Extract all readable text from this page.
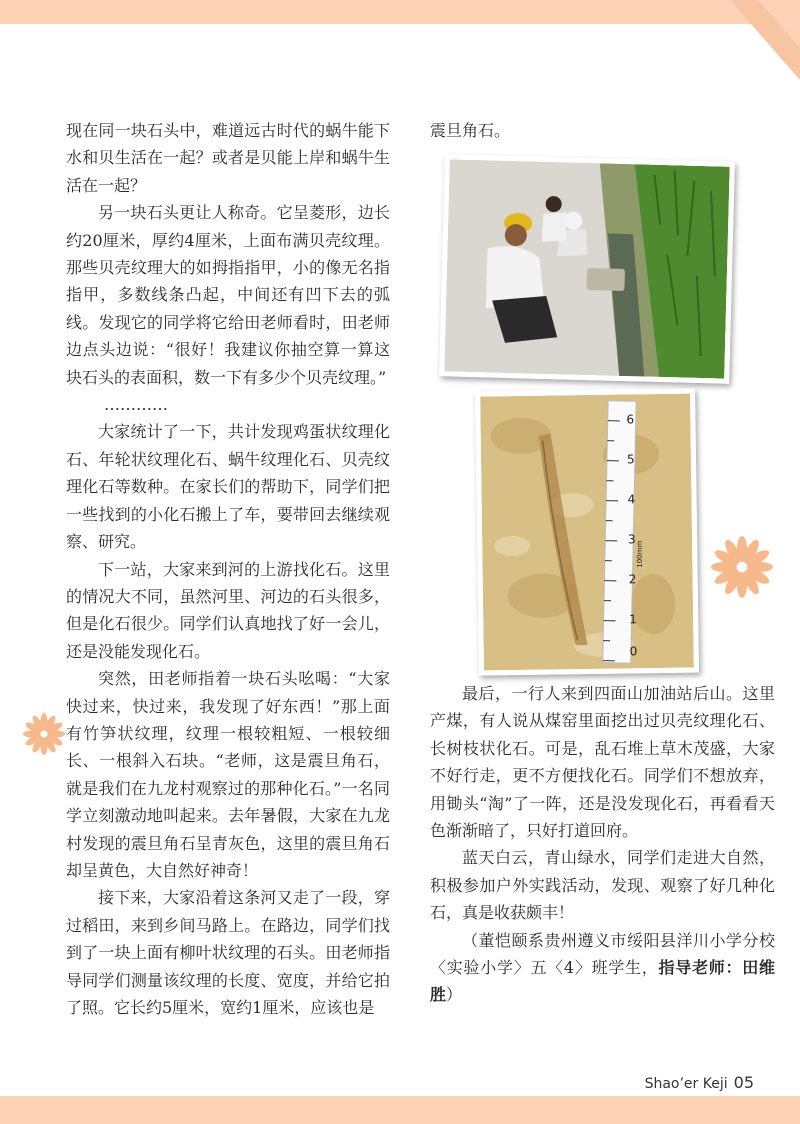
现在同一块石头中，难道远古时代的蜗牛能下水和贝生活在一起？或者是贝能上岸和蜗牛生活在一起？

另一块石头更让人称奇。它呈菱形，边长约20厘米，厚约4厘米，上面布满贝壳纹理。那些贝壳纹理大的如拇指指甲，小的像无名指指甲，多数线条凸起，中间还有凹下去的弧线。发现它的同学将它给田老师看时，田老师边点头边说：“很好！我建议你抽空算一算这块石头的表面积，数一下有多少个贝壳纹理。”

…………

大家统计了一下，共计发现鸡蛋状纹理化石、年轮状纹理化石、蜗牛纹理化石、贝壳纹理化石等数种。在家长们的帮助下，同学们把一些找到的小化石搬上了车，要带回去继续观察、研究。

下一站，大家来到河的上游找化石。这里的情况大不同，虽然河里、河边的石头很多，但是化石很少。同学们认真地找了好一会儿，还是没能发现化石。

突然，田老师指着一块石头吆喝：“大家快过来，快过来，我发现了好东西！”那上面有竹笋状纹理，纹理一根较粗短、一根较细长、一根斜入石块。“老师，这是震旦角石，就是我们在九龙村观察过的那种化石。”一名同学立刻激动地叫起来。去年暑假，大家在九龙村发现的震旦角石呈青灰色，这里的震旦角石却呈黄色，大自然好神奇！

接下来，大家沿着这条河又走了一段，穿过稻田，来到乡间马路上。在路边，同学们找到了一块上面有柳叶状纹理的石头。田老师指导同学们测量该纹理的长度、宽度，并给它拍了照。它长约5厘米，宽约1厘米，应该也是

震旦角石。

6
5
4
3
2
1
0
100mm

最后，一行人来到四面山加油站后山。这里产煤，有人说从煤窑里面挖出过贝壳纹理化石、长树枝状化石。可是，乱石堆上草木茂盛，大家不好行走，更不方便找化石。同学们不想放弃，用锄头“淘”了一阵，还是没发现化石，再看看天色渐渐暗了，只好打道回府。

蓝天白云，青山绿水，同学们走进大自然，积极参加户外实践活动，发现、观察了好几种化石，真是收获颇丰！

（董恺颐系贵州遵义市绥阳县洋川小学分校〈实验小学〉五〈4〉班学生，指导老师：田维胜）

Shao’er Keji 05
